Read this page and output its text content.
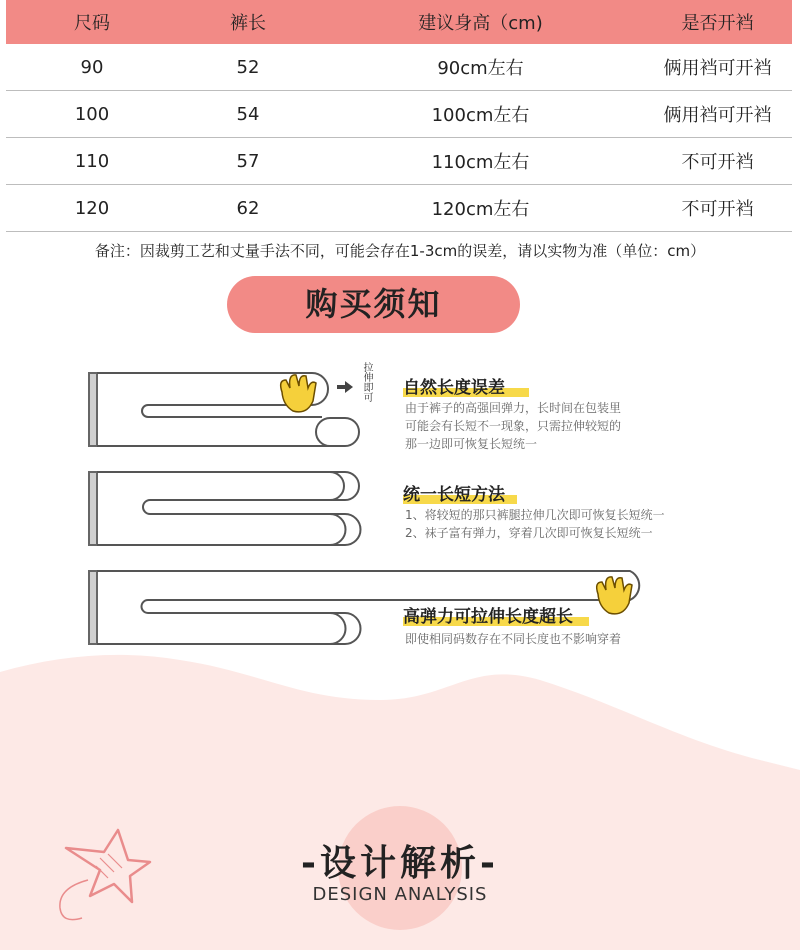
尺码	裤长	建议身高（cm)	是否开裆
90	52	90cm左右	俩用裆可开裆
100	54	100cm左右	俩用裆可开裆
110	57	110cm左右	不可开裆
120	62	120cm左右	不可开裆
备注：因裁剪工艺和丈量手法不同，可能会存在1-3cm的误差，请以实物为准（单位：cm）
购买须知
拉伸即可 自然长度误差
由于裤子的高强回弹力，长时间在包装里
可能会有长短不一现象，只需拉伸较短的
那一边即可恢复长短统一
统一长短方法
1、将较短的那只裤腿拉伸几次即可恢复长短统一
2、袜子富有弹力，穿着几次即可恢复长短统一
高弹力可拉伸长度超长
即使相同码数存在不同长度也不影响穿着
-设计解析-
DESIGN ANALYSIS
